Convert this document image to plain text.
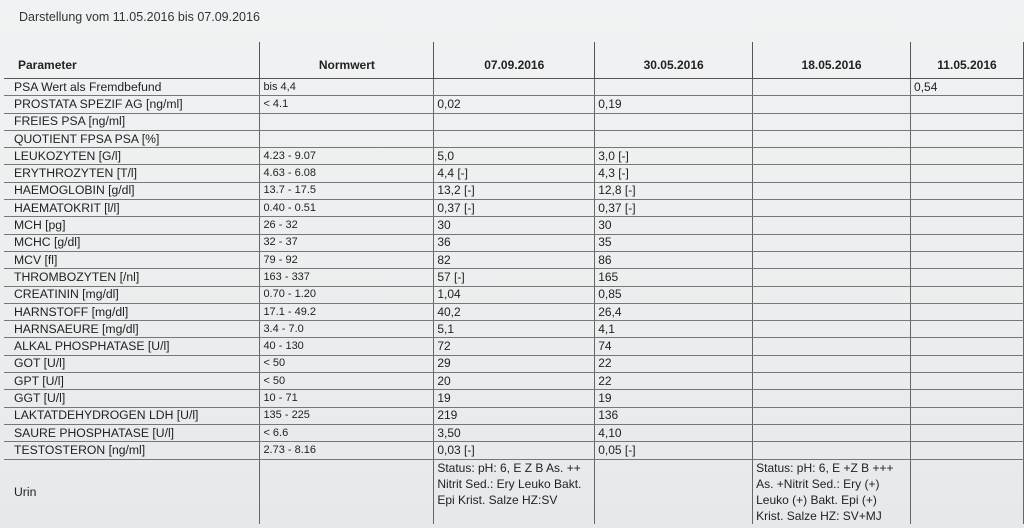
Darstellung vom 11.05.2016 bis 07.09.2016
Parameter	Normwert	07.09.2016	30.05.2016	18.05.2016	11.05.2016
PSA Wert als Fremdbefund	bis 4,4				0,54
PROSTATA SPEZIF AG [ng/ml]	< 4.1	0,02	0,19		
FREIES PSA [ng/ml]					
QUOTIENT FPSA PSA [%]					
LEUKOZYTEN [G/l]	4.23 - 9.07	5,0	3,0 [-]		
ERYTHROZYTEN [T/l]	4.63 - 6.08	4,4 [-]	4,3 [-]		
HAEMOGLOBIN [g/dl]	13.7 - 17.5	13,2 [-]	12,8 [-]		
HAEMATOKRIT [l/l]	0.40 - 0.51	0,37 [-]	0,37 [-]		
MCH [pg]	26 - 32	30	30		
MCHC [g/dl]	32 - 37	36	35		
MCV [fl]	79 - 92	82	86		
THROMBOZYTEN [/nl]	163 - 337	57 [-]	165		
CREATININ [mg/dl]	0.70 - 1.20	1,04	0,85		
HARNSTOFF [mg/dl]	17.1 - 49.2	40,2	26,4		
HARNSAEURE [mg/dl]	3.4 - 7.0	5,1	4,1		
ALKAL PHOSPHATASE [U/l]	40 - 130	72	74		
GOT [U/l]	< 50	29	22		
GPT [U/l]	< 50	20	22		
GGT [U/l]	10 - 71	19	19		
LAKTATDEHYDROGEN LDH [U/l]	135 - 225	219	136		
SAURE PHOSPHATASE [U/l]	< 6.6	3,50	4,10		
TESTOSTERON [ng/ml]	2.73 - 8.16	0,03 [-]	0,05 [-]		
Urin		Status: pH: 6, E Z B As. ++ Nitrit Sed.: Ery Leuko Bakt. Epi Krist. Salze HZ:SV		Status: pH: 6, E +Z B +++ As. +Nitrit Sed.: Ery (+) Leuko (+) Bakt. Epi (+) Krist. Salze HZ: SV+MJ	
